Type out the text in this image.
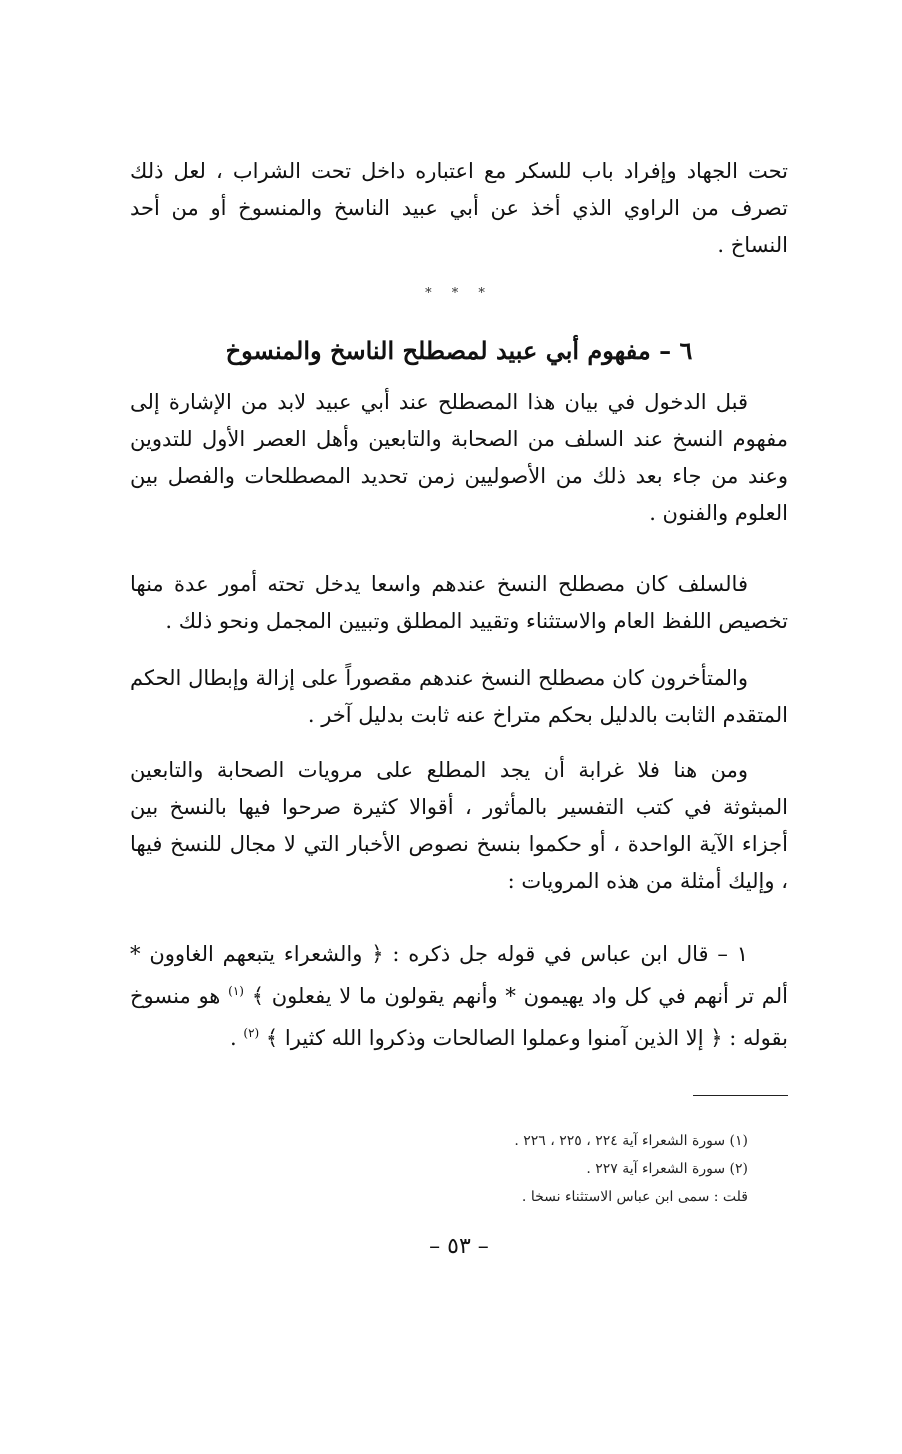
تحت الجهاد وإفراد باب للسكر مع اعتباره داخل تحت الشراب ، لعل ذلك تصرف من الراوي الذي أخذ عن أبي عبيد الناسخ والمنسوخ أو من أحد النساخ .

* * *
٦ – مفهوم أبي عبيد لمصطلح الناسخ والمنسوخ

قبل الدخول في بيان هذا المصطلح عند أبي عبيد لابد من الإشارة إلى مفهوم النسخ عند السلف من الصحابة والتابعين وأهل العصر الأول للتدوين وعند من جاء بعد ذلك من الأصوليين زمن تحديد المصطلحات والفصل بين العلوم والفنون .

فالسلف كان مصطلح النسخ عندهم واسعا يدخل تحته أمور عدة منها تخصيص اللفظ العام والاستثناء وتقييد المطلق وتبيين المجمل ونحو ذلك .

والمتأخرون كان مصطلح النسخ عندهم مقصوراً على إزالة وإبطال الحكم المتقدم الثابت بالدليل بحكم متراخ عنه ثابت بدليل آخر .

ومن هنا فلا غرابة أن يجد المطلع على مرويات الصحابة والتابعين المبثوثة في كتب التفسير بالمأثور ، أقوالا كثيرة صرحوا فيها بالنسخ بين أجزاء الآية الواحدة ، أو حكموا بنسخ نصوص الأخبار التي لا مجال للنسخ فيها ، وإليك أمثلة من هذه المرويات :

١ – قال ابن عباس في قوله جل ذكره : ﴿ والشعراء يتبعهم الغاوون * ألم تر أنهم في كل واد يهيمون * وأنهم يقولون ما لا يفعلون ﴾ $^{(١)}$ هو منسوخ بقوله : ﴿ إلا الذين آمنوا وعملوا الصالحات وذكروا الله كثيرا ﴾ $^{(٢)}$ .

(١) سورة الشعراء آية ٢٢٤ ، ٢٢٥ ، ٢٢٦ .
(٢) سورة الشعراء آية ٢٢٧ .
قلت : سمى ابن عباس الاستثناء نسخا .
– ٥٣ –
